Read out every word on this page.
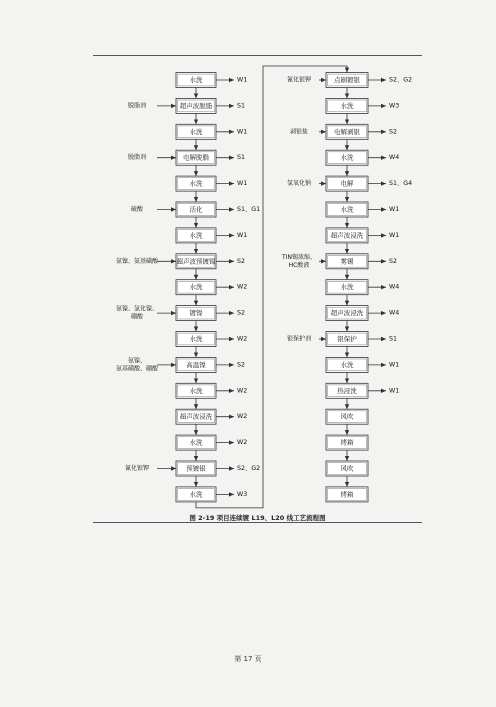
水洗	W1
超声波脱脂	S1
脱脂剂
水洗	W1
电解脱脂	S1
脱脂剂
水洗	W1
活化	S1、G1
硫酸
水洗	W1
超声波预镀镍	S2
氨镍、氨基磺酸
水洗	W2
镀镍	S2
氨镍、氯化镍、
硼酸
水洗	W2
高温镍	S2
氨镍、
氨基磺酸、硼酸
水洗	W2
超声波浸洗	W2
水洗	W2
预镀银	S2、G2
氰化银钾
水洗	W3
点刷镀银	S2、G2
氰化银钾
水洗	W3
电解剥银	S2
剥银盐
水洗	W4
电解	S1、G4
氢氧化钠
水洗	W1
超声波浸洗	W1
雾锡	S2
TIN锡浓缩、
HC酸液
水洗	W4
超声波浸洗	W4
银保护	S1
银保护剂
水洗	W1
热浸洗	W1
风吹
烤箱
风吹
烤箱
图 2-19 项目连续镀 L19、L20 线工艺流程图
第 17 页
